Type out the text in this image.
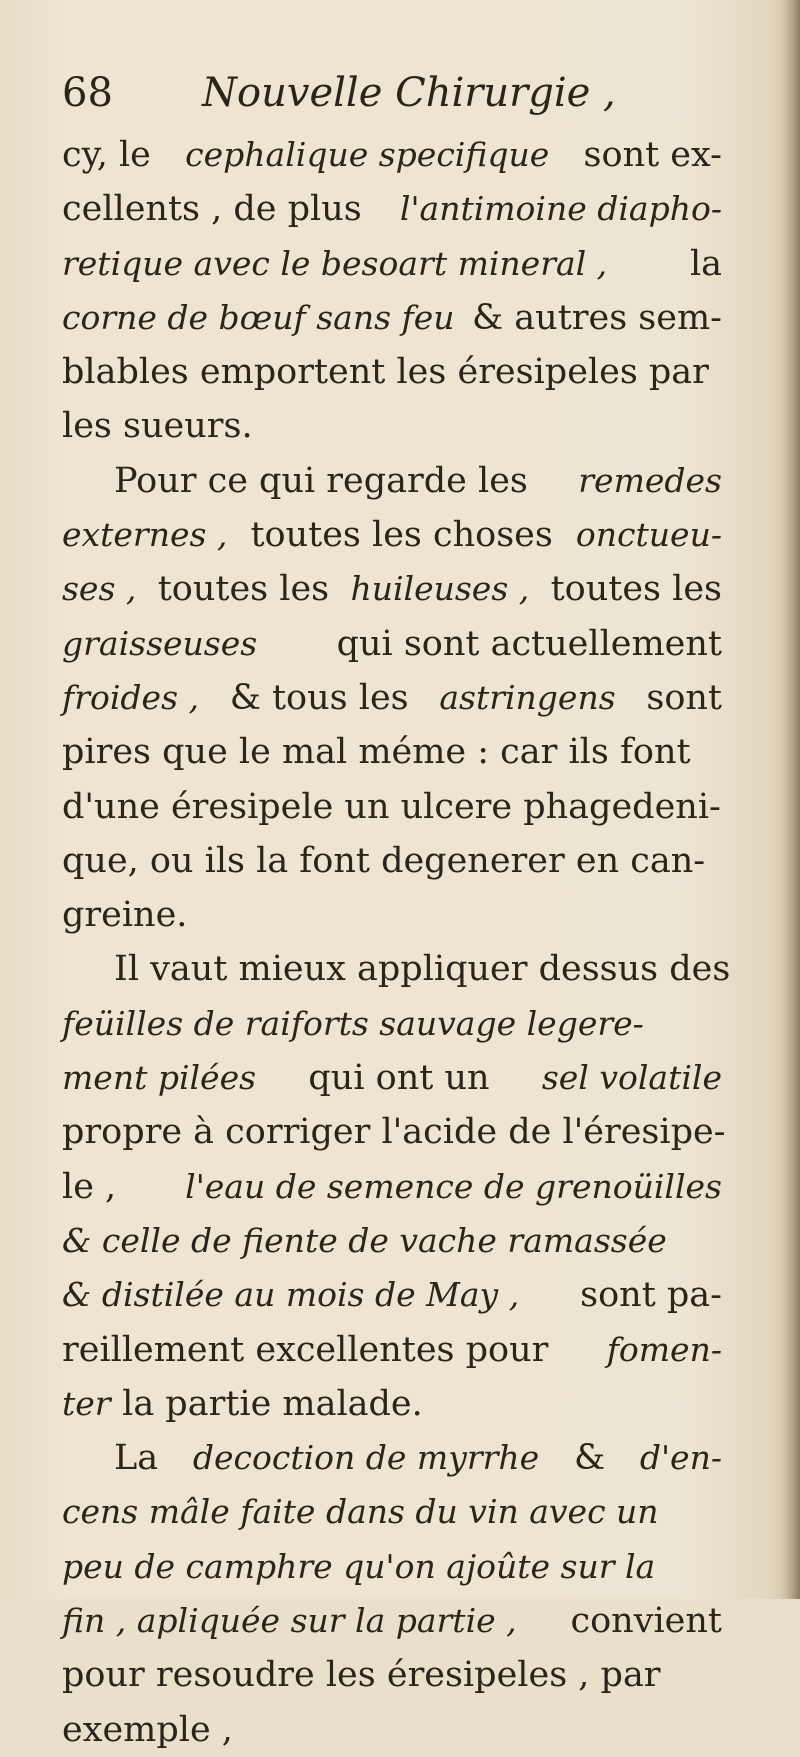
68 Nouvelle Chirurgie ,
cy, le cephalique specifique sont ex-
cellents , de plus l'antimoine diapho-
retique avec le besoart mineral , la
corne de bœuf sans feu & autres sem-
blables emportent les éresipeles par
les sueurs.
Pour ce qui regarde les remedes
externes , toutes les choses onctueu-
ses , toutes les huileuses , toutes les
graisseuses qui sont actuellement
froides , & tous les astringens sont
pires que le mal méme : car ils font
d'une éresipele un ulcere phagedeni-
que, ou ils la font degenerer en can-
greine.
Il vaut mieux appliquer dessus des
feüilles de raiforts sauvage legere-
ment pilées qui ont un sel volatile
propre à corriger l'acide de l'éresipe-
le , l'eau de semence de grenoüilles
& celle de fiente de vache ramassée
& distilée au mois de May , sont pa-
reillement excellentes pour fomen-
ter la partie malade.
La decoction de myrrhe & d'en-
cens mâle faite dans du vin avec un
peu de camphre qu'on ajoûte sur la
fin , apliquée sur la partie , convient
pour resoudre les éresipeles , par
exemple ,
